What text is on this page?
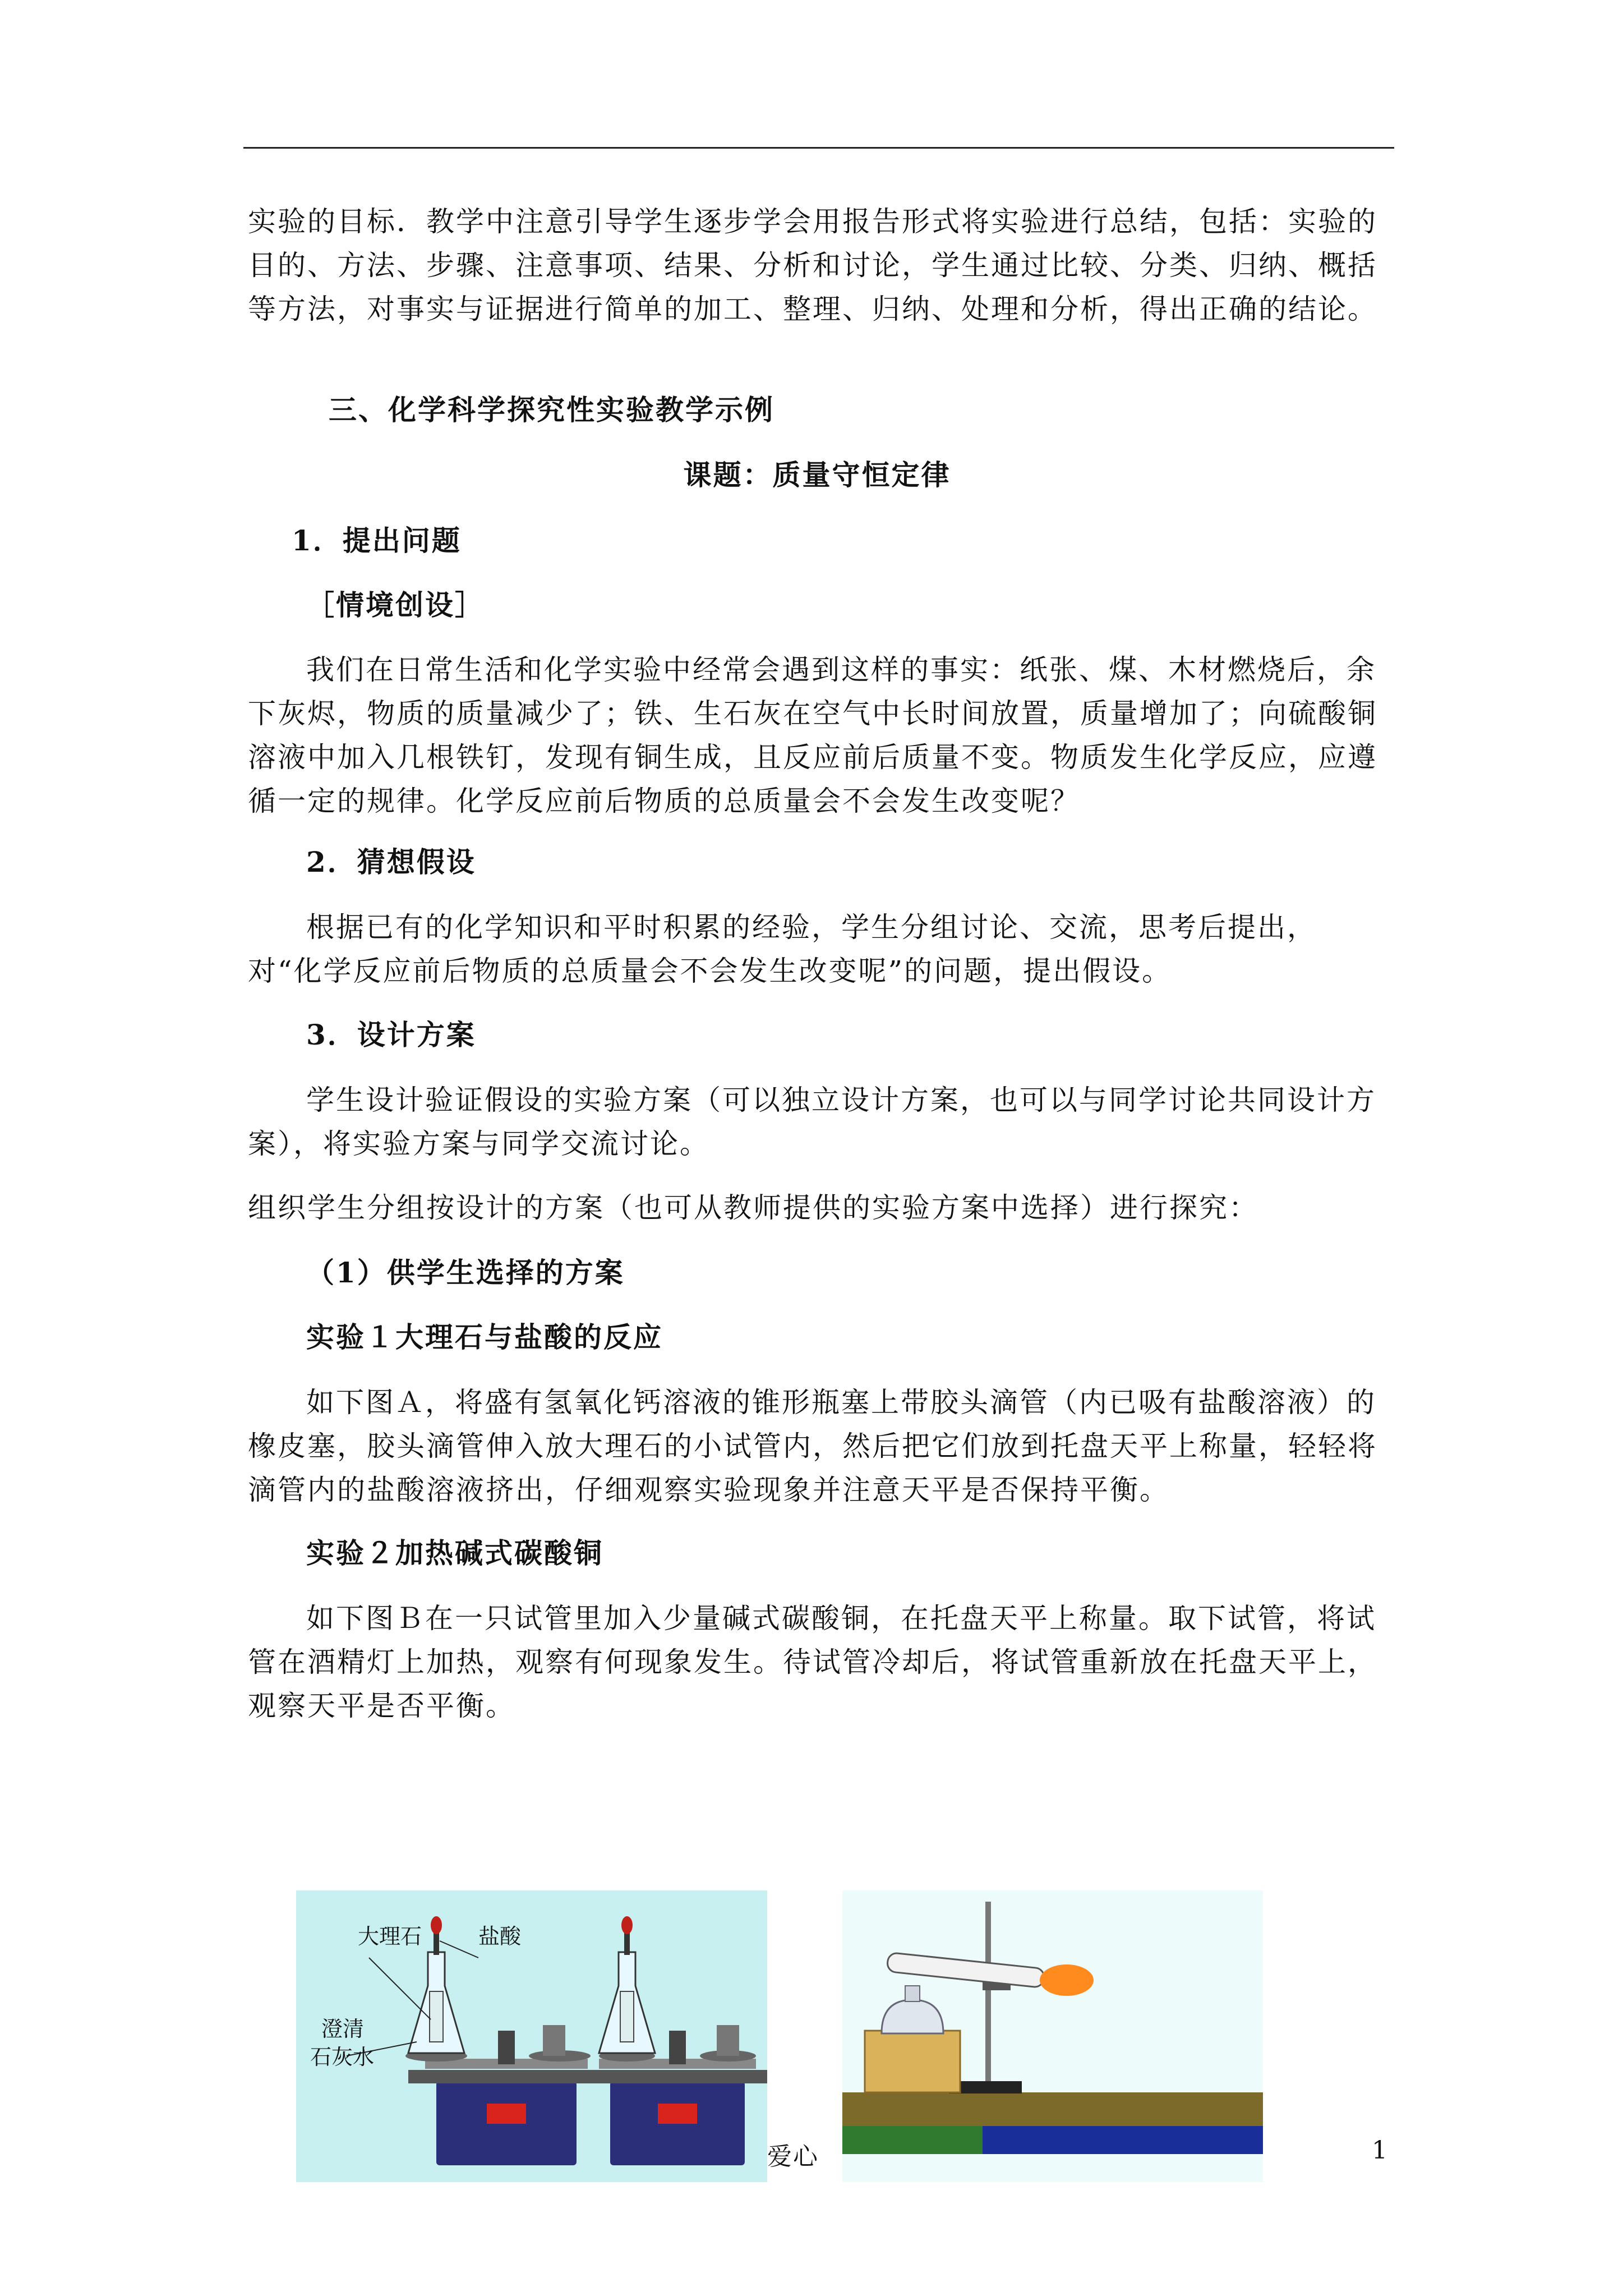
实验的目标．教学中注意引导学生逐步学会用报告形式将实验进行总结，包括：实验的目的、方法、步骤、注意事项、结果、分析和讨论，学生通过比较、分类、归纳、概括等方法，对事实与证据进行简单的加工、整理、归纳、处理和分析，得出正确的结论。

三、化学科学探究性实验教学示例

课题：质量守恒定律

1．提出问题

［情境创设］

我们在日常生活和化学实验中经常会遇到这样的事实：纸张、煤、木材燃烧后，余下灰烬，物质的质量减少了；铁、生石灰在空气中长时间放置，质量增加了；向硫酸铜溶液中加入几根铁钉，发现有铜生成，且反应前后质量不变。物质发生化学反应，应遵循一定的规律。化学反应前后物质的总质量会不会发生改变呢？

2．猜想假设

根据已有的化学知识和平时积累的经验，学生分组讨论、交流，思考后提出，对“化学反应前后物质的总质量会不会发生改变呢”的问题，提出假设。

3．设计方案

学生设计验证假设的实验方案（可以独立设计方案，也可以与同学讨论共同设计方案），将实验方案与同学交流讨论。

组织学生分组按设计的方案（也可从教师提供的实验方案中选择）进行探究：

（1）供学生选择的方案

实验１大理石与盐酸的反应

如下图Ａ，将盛有氢氧化钙溶液的锥形瓶塞上带胶头滴管（内已吸有盐酸溶液）的橡皮塞，胶头滴管伸入放大理石的小试管内，然后把它们放到托盘天平上称量，轻轻将滴管内的盐酸溶液挤出，仔细观察实验现象并注意天平是否保持平衡。

实验２加热碱式碳酸铜

如下图Ｂ在一只试管里加入少量碱式碳酸铜，在托盘天平上称量。取下试管，将试管在酒精灯上加热，观察有何现象发生。待试管冷却后，将试管重新放在托盘天平上，观察天平是否平衡。

大理石	盐酸
澄清
石灰水
爱心	1
